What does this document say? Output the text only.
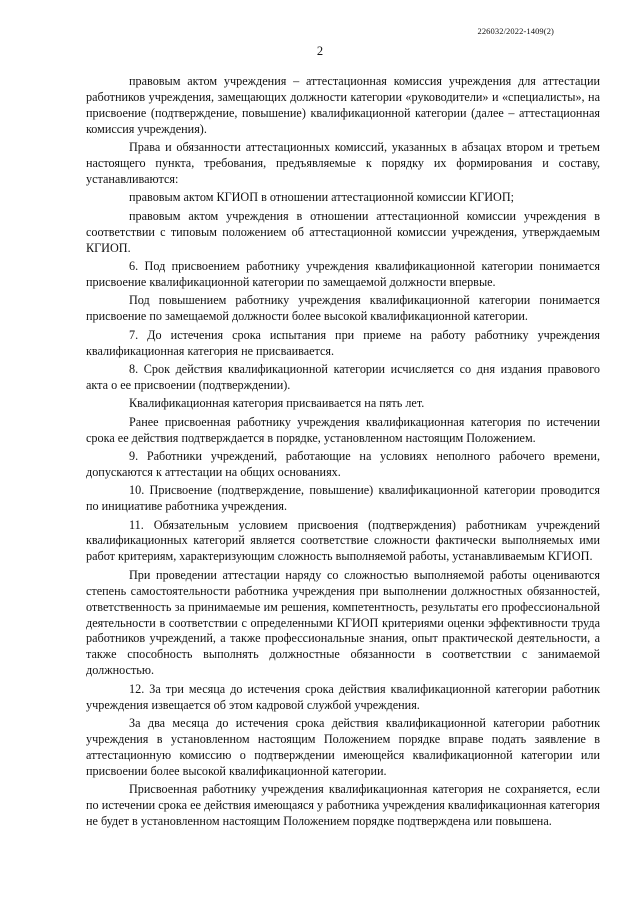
226032/2022-1409(2)
2

правовым актом учреждения – аттестационная комиссия учреждения для аттестации работников учреждения, замещающих должности категории «руководители» и «специалисты», на присвоение (подтверждение, повышение) квалификационной категории (далее – аттестационная комиссия учреждения).

Права и обязанности аттестационных комиссий, указанных в абзацах втором и третьем настоящего пункта, требования, предъявляемые к порядку их формирования и составу, устанавливаются:

правовым актом КГИОП в отношении аттестационной комиссии КГИОП;

правовым актом учреждения в отношении аттестационной комиссии учреждения в соответствии с типовым положением об аттестационной комиссии учреждения, утверждаемым КГИОП.

6. Под присвоением работнику учреждения квалификационной категории понимается присвоение квалификационной категории по замещаемой должности впервые.

Под повышением работнику учреждения квалификационной категории понимается присвоение по замещаемой должности более высокой квалификационной категории.

7. До истечения срока испытания при приеме на работу работнику учреждения квалификационная категория не присваивается.

8. Срок действия квалификационной категории исчисляется со дня издания правового акта о ее присвоении (подтверждении).

Квалификационная категория присваивается на пять лет.

Ранее присвоенная работнику учреждения квалификационная категория по истечении срока ее действия подтверждается в порядке, установленном настоящим Положением.

9. Работники учреждений, работающие на условиях неполного рабочего времени, допускаются к аттестации на общих основаниях.

10. Присвоение (подтверждение, повышение) квалификационной категории проводится по инициативе работника учреждения.

11. Обязательным условием присвоения (подтверждения) работникам учреждений квалификационных категорий является соответствие сложности фактически выполняемых ими работ критериям, характеризующим сложность выполняемой работы, устанавливаемым КГИОП.

При проведении аттестации наряду со сложностью выполняемой работы оцениваются степень самостоятельности работника учреждения при выполнении должностных обязанностей, ответственность за принимаемые им решения, компетентность, результаты его профессиональной деятельности в соответствии с определенными КГИОП критериями оценки эффективности труда работников учреждений, а также профессиональные знания, опыт практической деятельности, а также способность выполнять должностные обязанности в соответствии с занимаемой должностью.

12. За три месяца до истечения срока действия квалификационной категории работник учреждения извещается об этом кадровой службой учреждения.

За два месяца до истечения срока действия квалификационной категории работник учреждения в установленном настоящим Положением порядке вправе подать заявление в аттестационную комиссию о подтверждении имеющейся квалификационной категории или присвоении более высокой квалификационной категории.

Присвоенная работнику учреждения квалификационная категория не сохраняется, если по истечении срока ее действия имеющаяся у работника учреждения квалификационная категория не будет в установленном настоящим Положением порядке подтверждена или повышена.
